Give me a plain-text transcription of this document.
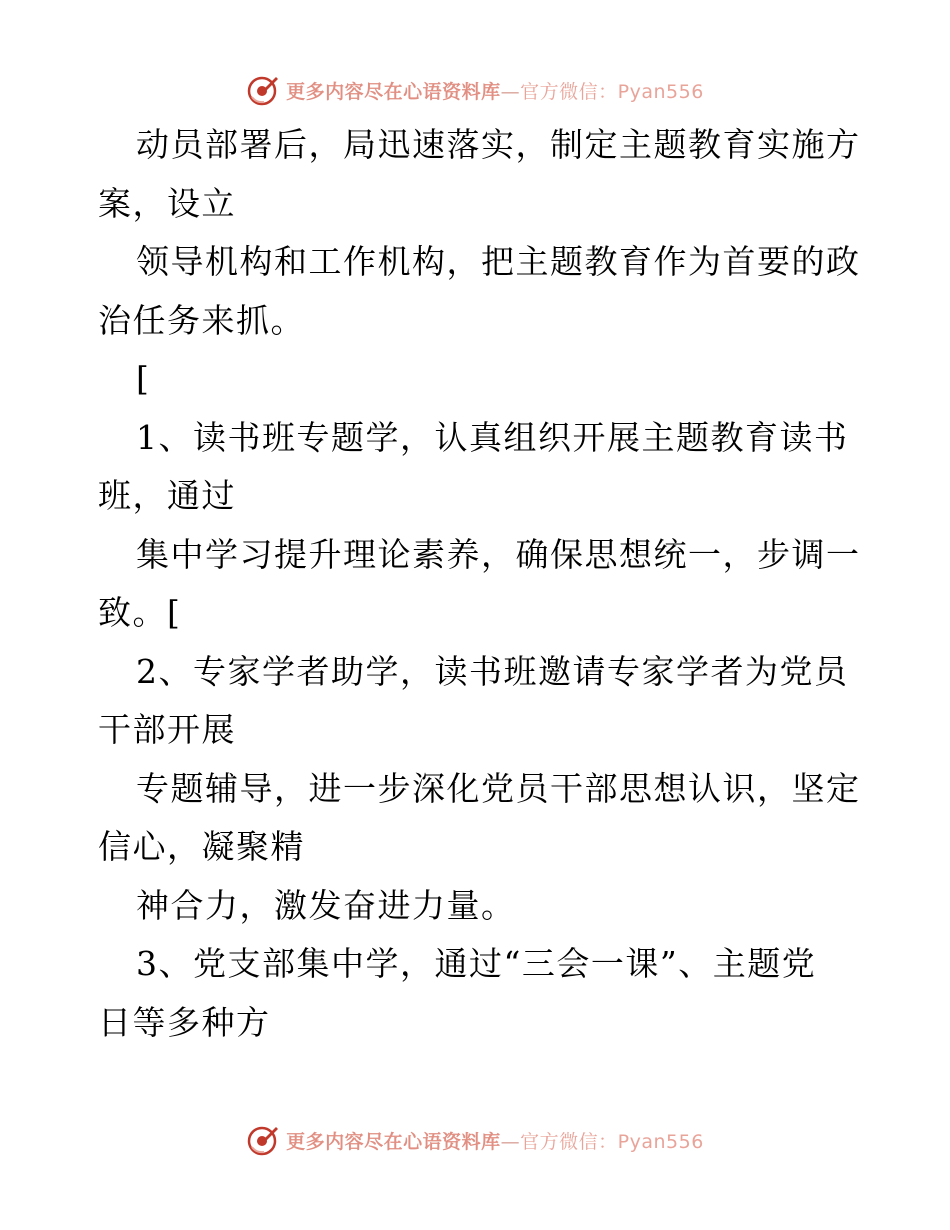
更多内容尽在心语资料库—官方微信：Pyan556
动员部署后，局迅速落实，制定主题教育实施方
案，设立
领导机构和工作机构，把主题教育作为首要的政
治任务来抓。
[
1、读书班专题学，认真组织开展主题教育读书
班，通过
集中学习提升理论素养，确保思想统一，步调一
致。[
2、专家学者助学，读书班邀请专家学者为党员
干部开展
专题辅导，进一步深化党员干部思想认识，坚定
信心，凝聚精
神合力，激发奋进力量。
3、党支部集中学，通过“三会一课”、主题党
日等多种方
更多内容尽在心语资料库—官方微信：Pyan556
